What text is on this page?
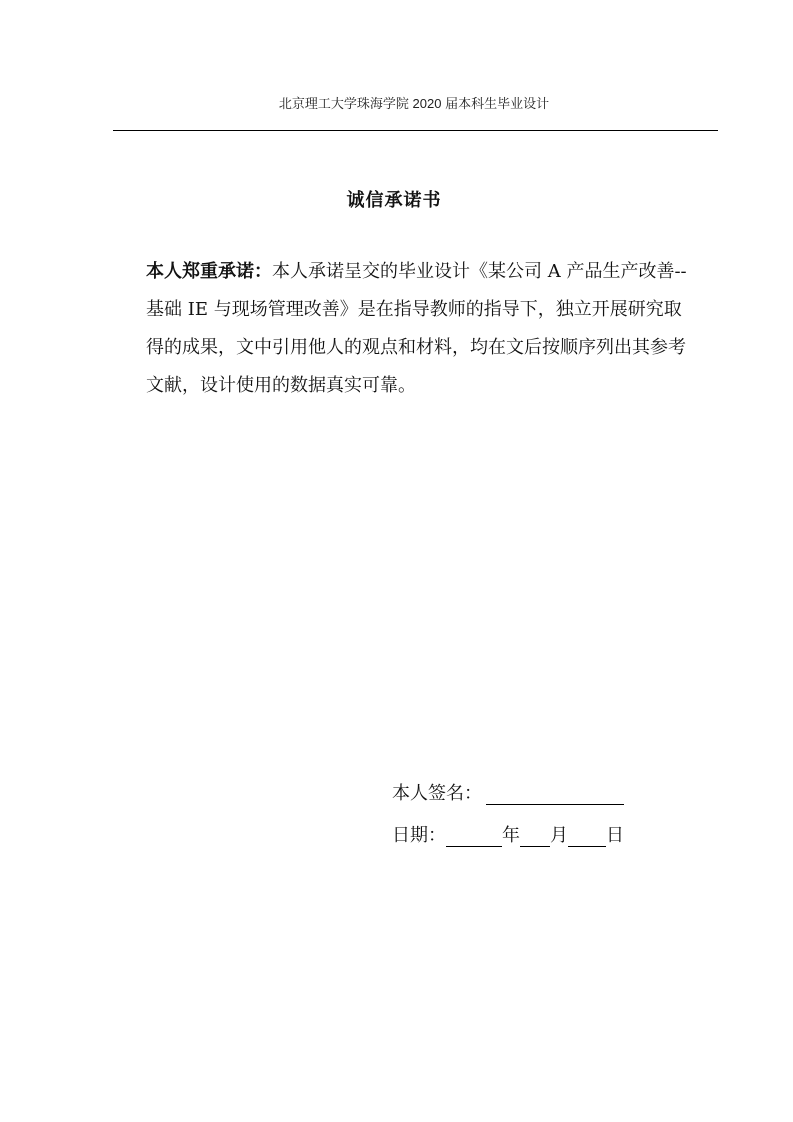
北京理工大学珠海学院 2020 届本科生毕业设计
诚信承诺书
本人郑重承诺：本人承诺呈交的毕业设计《某公司 A 产品生产改善--基础 IE 与现场管理改善》是在指导教师的指导下，独立开展研究取得的成果，文中引用他人的观点和材料，均在文后按顺序列出其参考文献，设计使用的数据真实可靠。
本人签名：
日期：	年 月 日
